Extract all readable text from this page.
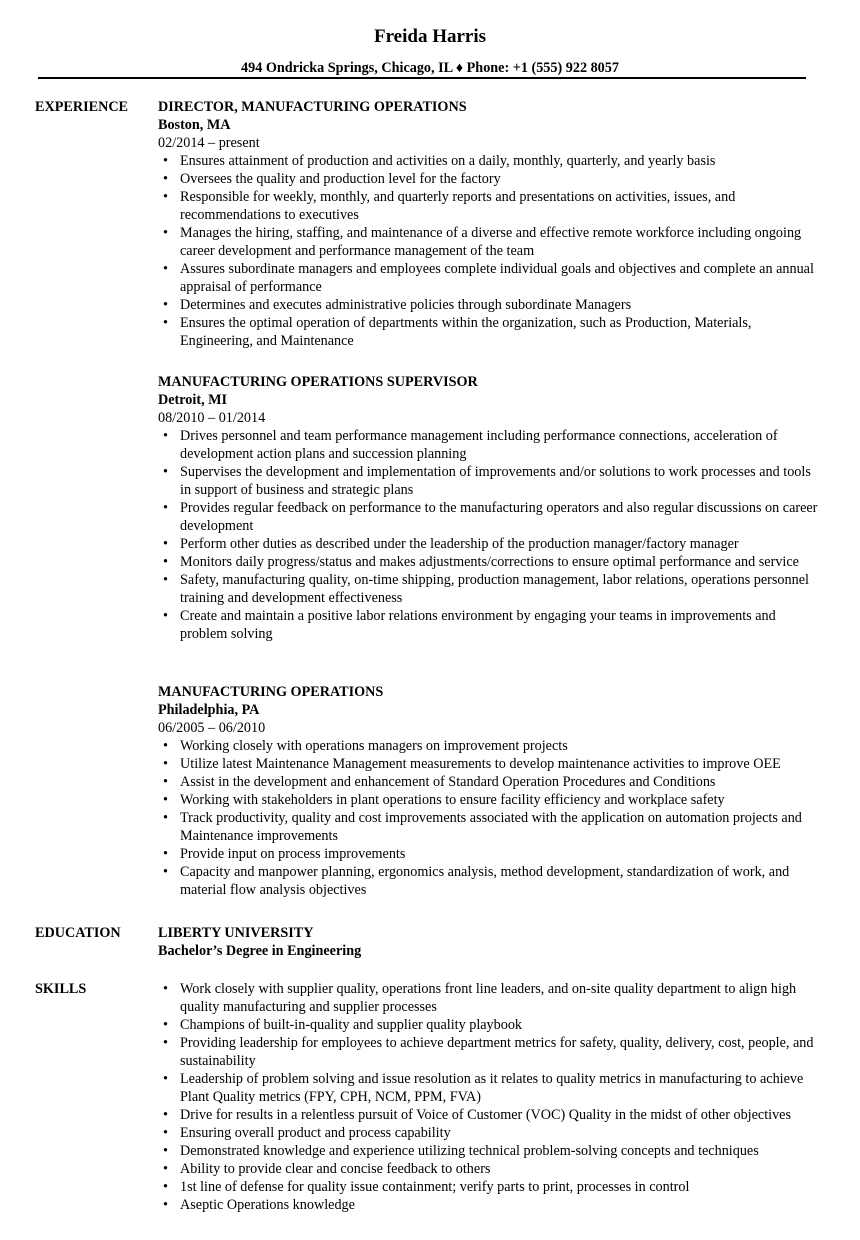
Freida Harris
494 Ondricka Springs, Chicago, IL ♦ Phone: +1 (555) 922 8057
EXPERIENCE DIRECTOR, MANUFACTURING OPERATIONS
Boston, MA
02/2014 – present
• Ensures attainment of production and activities on a daily, monthly, quarterly, and yearly basis
• Oversees the quality and production level for the factory
• Responsible for weekly, monthly, and quarterly reports and presentations on activities, issues, and recommendations to executives
• Manages the hiring, staffing, and maintenance of a diverse and effective remote workforce including ongoing career development and performance management of the team
• Assures subordinate managers and employees complete individual goals and objectives and complete an annual appraisal of performance
• Determines and executes administrative policies through subordinate Managers
• Ensures the optimal operation of departments within the organization, such as Production, Materials, Engineering, and Maintenance
MANUFACTURING OPERATIONS SUPERVISOR
Detroit, MI
08/2010 – 01/2014
• Drives personnel and team performance management including performance connections, acceleration of development action plans and succession planning
• Supervises the development and implementation of improvements and/or solutions to work processes and tools in support of business and strategic plans
• Provides regular feedback on performance to the manufacturing operators and also regular discussions on career development
• Perform other duties as described under the leadership of the production manager/factory manager
• Monitors daily progress/status and makes adjustments/corrections to ensure optimal performance and service
• Safety, manufacturing quality, on-time shipping, production management, labor relations, operations personnel training and development effectiveness
• Create and maintain a positive labor relations environment by engaging your teams in improvements and problem solving
MANUFACTURING OPERATIONS
Philadelphia, PA
06/2005 – 06/2010
• Working closely with operations managers on improvement projects
• Utilize latest Maintenance Management measurements to develop maintenance activities to improve OEE
• Assist in the development and enhancement of Standard Operation Procedures and Conditions
• Working with stakeholders in plant operations to ensure facility efficiency and workplace safety
• Track productivity, quality and cost improvements associated with the application on automation projects and Maintenance improvements
• Provide input on process improvements
• Capacity and manpower planning, ergonomics analysis, method development, standardization of work, and material flow analysis objectives
EDUCATION	LIBERTY UNIVERSITY
Bachelor’s Degree in Engineering
SKILLS	• Work closely with supplier quality, operations front line leaders, and on-site quality department to align high quality manufacturing and supplier processes
• Champions of built-in-quality and supplier quality playbook
• Providing leadership for employees to achieve department metrics for safety, quality, delivery, cost, people, and sustainability
• Leadership of problem solving and issue resolution as it relates to quality metrics in manufacturing to achieve Plant Quality metrics (FPY, CPH, NCM, PPM, FVA)
• Drive for results in a relentless pursuit of Voice of Customer (VOC) Quality in the midst of other objectives
• Ensuring overall product and process capability
• Demonstrated knowledge and experience utilizing technical problem-solving concepts and techniques
• Ability to provide clear and concise feedback to others
• 1st line of defense for quality issue containment; verify parts to print, processes in control
• Aseptic Operations knowledge
